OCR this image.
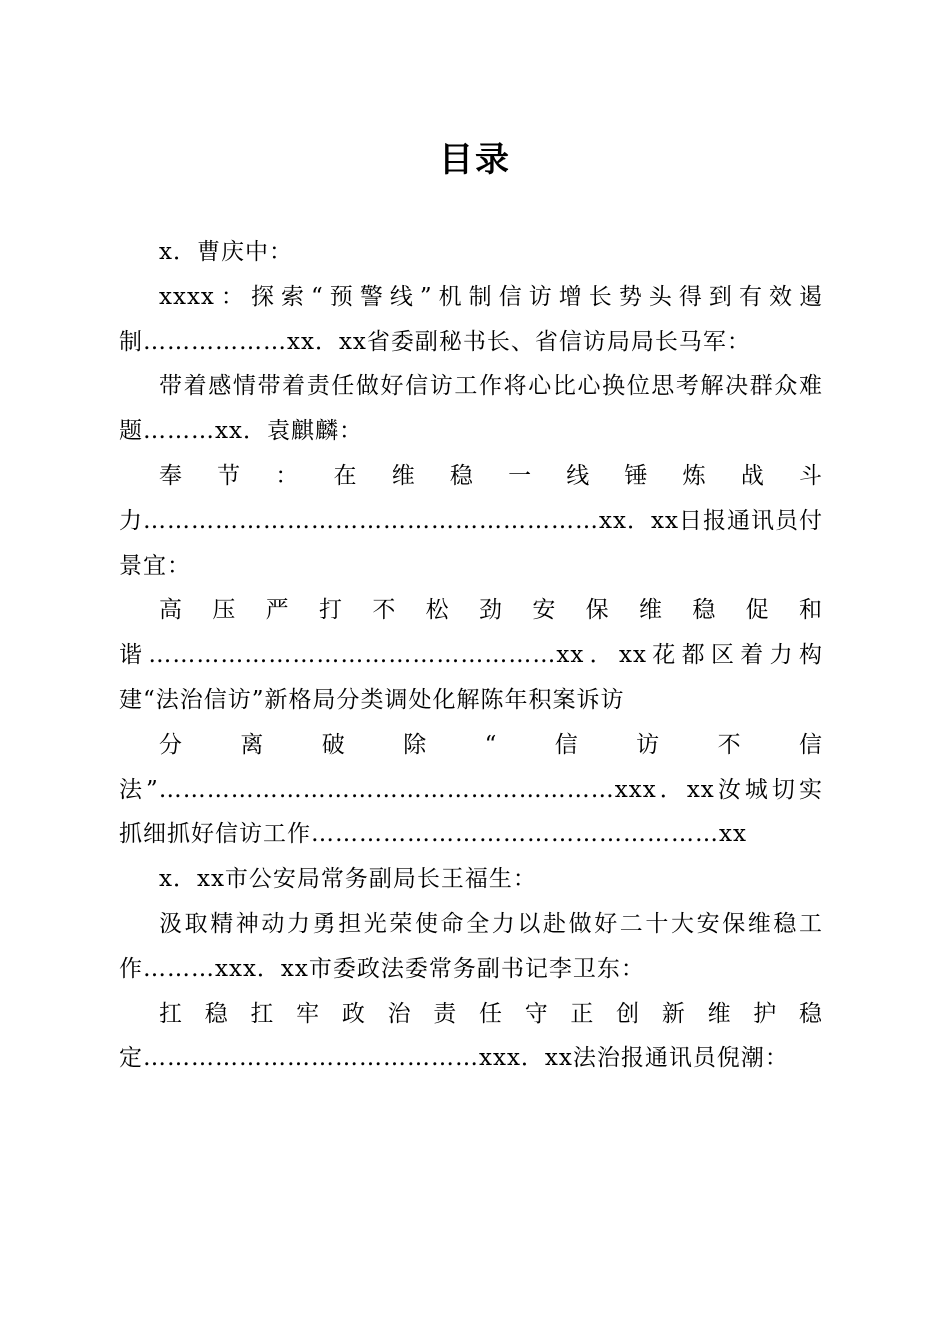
目录

x．曹庆中：

xxxx：探索“预警线”机制信访增长势头得到有效遏制………………xx．xx省委副秘书长、省信访局局长马军：

带着感情带着责任做好信访工作将心比心换位思考解决群众难题………xx．袁麒麟：

奉节：在维稳一线锤炼战斗力…………………………………………………xx．xx日报通讯员付景宜：

高压严打不松劲安保维稳促和谐……………………………………………xx．xx花都区着力构建“法治信访”新格局分类调处化解陈年积案诉访

分离破除“信访不信法”…………………………………………………xxx．xx汝城切实抓细抓好信访工作……………………………………………xx

x．xx市公安局常务副局长王福生：

汲取精神动力勇担光荣使命全力以赴做好二十大安保维稳工作………xxx．xx市委政法委常务副书记李卫东：

扛稳扛牢政治责任守正创新维护稳定……………………………………xxx．xx法治报通讯员倪潮：
